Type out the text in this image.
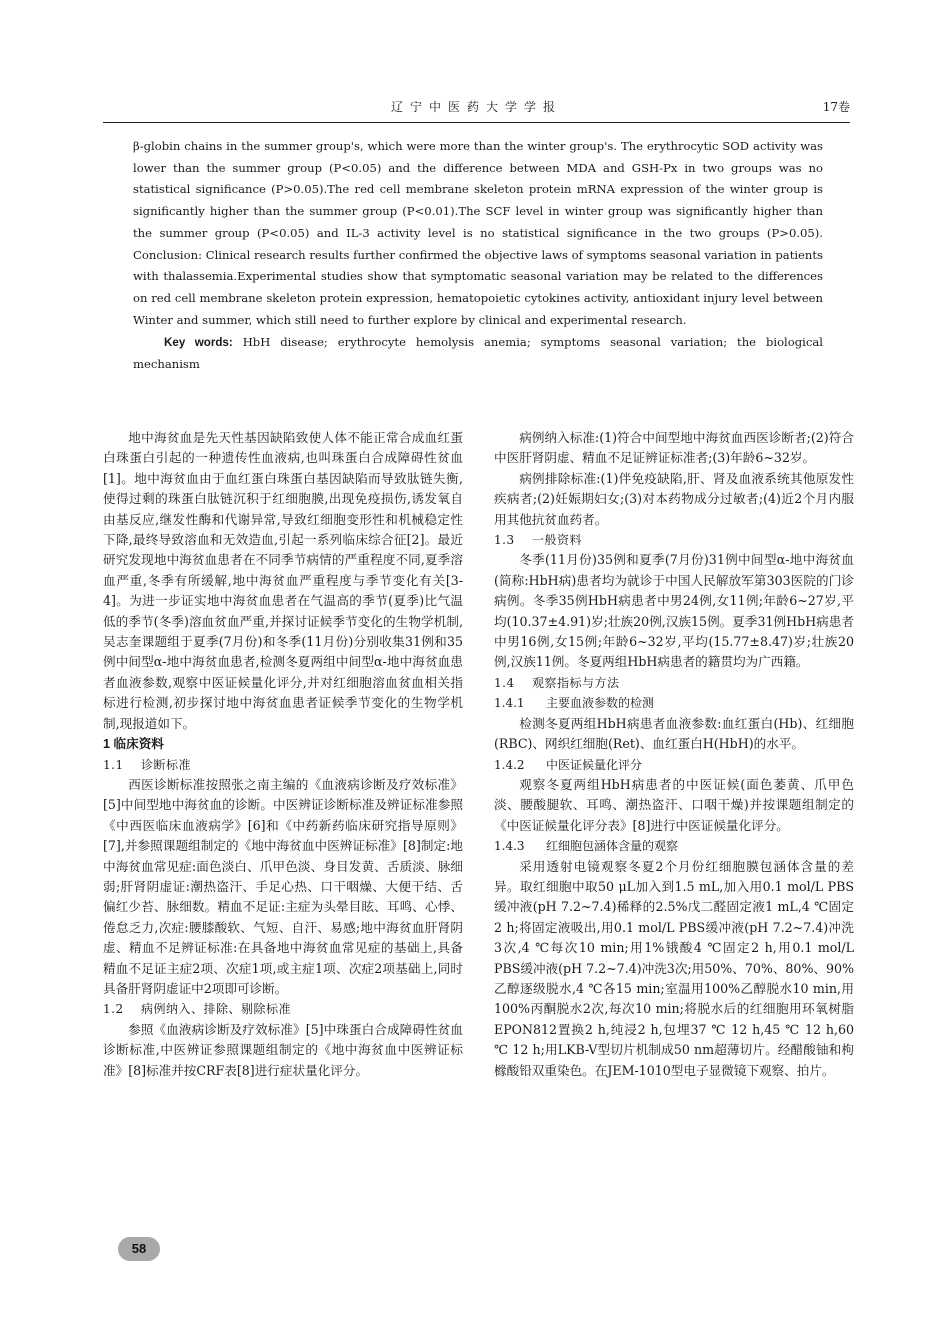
辽宁中医药大学学报	17卷

β-globin chains in the summer group's, which were more than the winter group's. The erythrocytic SOD activity was lower than the summer group (P<0.05) and the difference between MDA and GSH-Px in two groups was no statistical significance (P>0.05).The red cell membrane skeleton protein mRNA expression of the winter group is significantly higher than the summer group (P<0.01).The SCF level in winter group was significantly higher than the summer group (P<0.05) and IL-3 activity level is no statistical significance in the two groups (P>0.05). Conclusion: Clinical research results further confirmed the objective laws of symptoms seasonal variation in patients with thalassemia.Experimental studies show that symptomatic seasonal variation may be related to the differences on red cell membrane skeleton protein expression, hematopoietic cytokines activity, antioxidant injury level between Winter and summer, which still need to further explore by clinical and experimental research.

Key words: HbH disease; erythrocyte hemolysis anemia; symptoms seasonal variation; the biological mechanism

地中海贫血是先天性基因缺陷致使人体不能正常合成血红蛋白珠蛋白引起的一种遗传性血液病,也叫珠蛋白合成障碍性贫血[1]。地中海贫血由于血红蛋白珠蛋白基因缺陷而导致肽链失衡,使得过剩的珠蛋白肽链沉积于红细胞膜,出现免疫损伤,诱发氧自由基反应,继发性酶和代谢异常,导致红细胞变形性和机械稳定性下降,最终导致溶血和无效造血,引起一系列临床综合征[2]。最近研究发现地中海贫血患者在不同季节病情的严重程度不同,夏季溶血严重,冬季有所缓解,地中海贫血严重程度与季节变化有关[3-4]。为进一步证实地中海贫血患者在气温高的季节(夏季)比气温低的季节(冬季)溶血贫血严重,并探讨证候季节变化的生物学机制,吴志奎课题组于夏季(7月份)和冬季(11月份)分别收集31例和35例中间型α-地中海贫血患者,检测冬夏两组中间型α-地中海贫血患者血液参数,观察中医证候量化评分,并对红细胞溶血贫血相关指标进行检测,初步探讨地中海贫血患者证候季节变化的生物学机制,现报道如下。

1 临床资料

1.1 诊断标准

西医诊断标准按照张之南主编的《血液病诊断及疗效标准》[5]中间型地中海贫血的诊断。中医辨证诊断标准及辨证标准参照《中西医临床血液病学》[6]和《中药新药临床研究指导原则》[7],并参照课题组制定的《地中海贫血中医辨证标准》[8]制定:地中海贫血常见症:面色淡白、爪甲色淡、身目发黄、舌质淡、脉细弱;肝肾阴虚证:潮热盗汗、手足心热、口干咽燥、大便干结、舌偏红少苔、脉细数。精血不足证:主症为头晕目眩、耳鸣、心悸、倦怠乏力,次症:腰膝酸软、气短、自汗、易感;地中海贫血肝肾阴虚、精血不足辨证标准:在具备地中海贫血常见症的基础上,具备精血不足证主症2项、次症1项,或主症1项、次症2项基础上,同时具备肝肾阴虚证中2项即可诊断。

1.2 病例纳入、排除、剔除标准

参照《血液病诊断及疗效标准》[5]中珠蛋白合成障碍性贫血诊断标准,中医辨证参照课题组制定的《地中海贫血中医辨证标准》[8]标准并按CRF表[8]进行症状量化评分。

病例纳入标准:(1)符合中间型地中海贫血西医诊断者;(2)符合中医肝肾阴虚、精血不足证辨证标准者;(3)年龄6~32岁。

病例排除标准:(1)伴免疫缺陷,肝、肾及血液系统其他原发性疾病者;(2)妊娠期妇女;(3)对本药物成分过敏者;(4)近2个月内服用其他抗贫血药者。

1.3 一般资料

冬季(11月份)35例和夏季(7月份)31例中间型α-地中海贫血(简称:HbH病)患者均为就诊于中国人民解放军第303医院的门诊病例。冬季35例HbH病患者中男24例,女11例;年龄6~27岁,平均(10.37±4.91)岁;壮族20例,汉族15例。夏季31例HbH病患者中男16例,女15例;年龄6~32岁,平均(15.77±8.47)岁;壮族20例,汉族11例。冬夏两组HbH病患者的籍贯均为广西籍。

1.4 观察指标与方法

1.4.1 主要血液参数的检测

检测冬夏两组HbH病患者血液参数:血红蛋白(Hb)、红细胞(RBC)、网织红细胞(Ret)、血红蛋白H(HbH)的水平。

1.4.2 中医证候量化评分

观察冬夏两组HbH病患者的中医证候(面色萎黄、爪甲色淡、腰酸腿软、耳鸣、潮热盗汗、口咽干燥)并按课题组制定的《中医证候量化评分表》[8]进行中医证候量化评分。

1.4.3 红细胞包涵体含量的观察

采用透射电镜观察冬夏2个月份红细胞膜包涵体含量的差异。取红细胞中取50 μL加入到1.5 mL,加入用0.1 mol/L PBS缓冲液(pH 7.2~7.4)稀释的2.5%戊二醛固定液1 mL,4 ℃固定2 h;将固定液吸出,用0.1 mol/L PBS缓冲液(pH 7.2~7.4)冲洗3次,4 ℃每次10 min;用1%锇酸4 ℃固定2 h,用0.1 mol/L PBS缓冲液(pH 7.2~7.4)冲洗3次;用50%、70%、80%、90%乙醇逐级脱水,4 ℃各15 min;室温用100%乙醇脱水10 min,用100%丙酮脱水2次,每次10 min;将脱水后的红细胞用环氧树脂EPON812置换2 h,纯浸2 h,包埋37 ℃ 12 h,45 ℃ 12 h,60 ℃ 12 h;用LKB-V型切片机制成50 nm超薄切片。经醋酸铀和枸橼酸铅双重染色。在JEM-1010型电子显微镜下观察、拍片。

58
